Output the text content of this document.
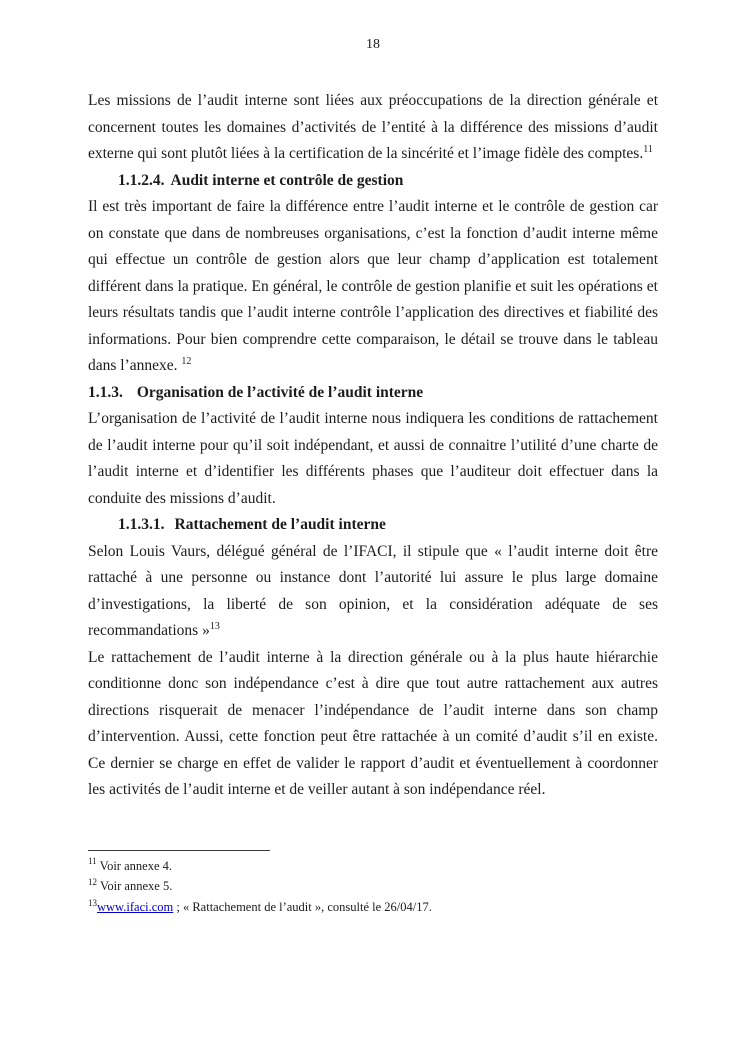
18

Les missions de l’audit interne sont liées aux préoccupations de la direction générale et concernent toutes les domaines d’activités de l’entité à la différence des missions d’audit externe qui sont plutôt liées à la certification de la sincérité et l’image fidèle des comptes.$^{11}$

1.1.2.4. Audit interne et contrôle de gestion

Il est très important de faire la différence entre l’audit interne et le contrôle de gestion car on constate que dans de nombreuses organisations, c’est la fonction d’audit interne même qui effectue un contrôle de gestion alors que leur champ d’application est totalement différent dans la pratique. En général, le contrôle de gestion planifie et suit les opérations et leurs résultats tandis que l’audit interne contrôle l’application des directives et fiabilité des informations. Pour bien comprendre cette comparaison, le détail se trouve dans le tableau dans l’annexe. $^{12}$

1.1.3. Organisation de l’activité de l’audit interne

L’organisation de l’activité de l’audit interne nous indiquera les conditions de rattachement de l’audit interne pour qu’il soit indépendant, et aussi de connaitre l’utilité d’une charte de l’audit interne et d’identifier les différents phases que l’auditeur doit effectuer dans la conduite des missions d’audit.

1.1.3.1. Rattachement de l’audit interne

Selon Louis Vaurs, délégué général de l’IFACI, il stipule que « l’audit interne doit être rattaché à une personne ou instance dont l’autorité lui assure le plus large domaine d’investigations, la liberté de son opinion, et la considération adéquate de ses recommandations »$^{13}$

Le rattachement de l’audit interne à la direction générale ou à la plus haute hiérarchie conditionne donc son indépendance c’est à dire que tout autre rattachement aux autres directions risquerait de menacer l’indépendance de l’audit interne dans son champ d’intervention. Aussi, cette fonction peut être rattachée à un comité d’audit s’il en existe. Ce dernier se charge en effet de valider le rapport d’audit et éventuellement à coordonner les activités de l’audit interne et de veiller autant à son indépendance réel.

$^{11}$ Voir annexe 4.

$^{12}$ Voir annexe 5.

$^{13}$www.ifaci.com ; « Rattachement de l’audit », consulté le 26/04/17.
